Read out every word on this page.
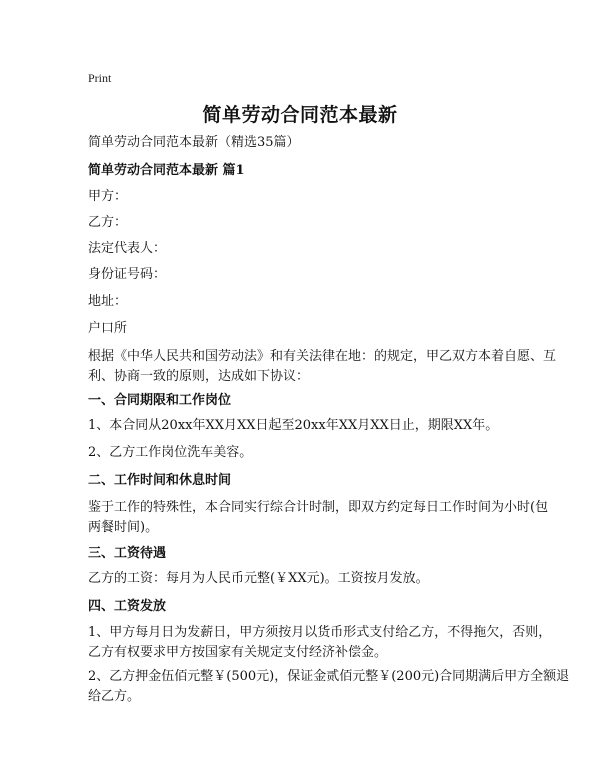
Print
简单劳动合同范本最新
简单劳动合同范本最新（精选35篇）
简单劳动合同范本最新 篇1
甲方：
乙方：
法定代表人：
身份证号码：
地址：
户口所
根据《中华人民共和国劳动法》和有关法律在地：的规定，甲乙双方本着自愿、互
利、协商一致的原则，达成如下协议：
一、合同期限和工作岗位
1、本合同从20xx年XX月XX日起至20xx年XX月XX日止，期限XX年。
2、乙方工作岗位洗车美容。
二、工作时间和休息时间
鉴于工作的特殊性，本合同实行综合计时制，即双方约定每日工作时间为小时(包
两餐时间)。
三、工资待遇
乙方的工资：每月为人民币元整(￥XX元)。工资按月发放。
四、工资发放
1、甲方每月日为发薪日，甲方须按月以货币形式支付给乙方，不得拖欠，否则，
乙方有权要求甲方按国家有关规定支付经济补偿金。
2、乙方押金伍佰元整￥(500元)，保证金贰佰元整￥(200元)合同期满后甲方全额退
给乙方。
